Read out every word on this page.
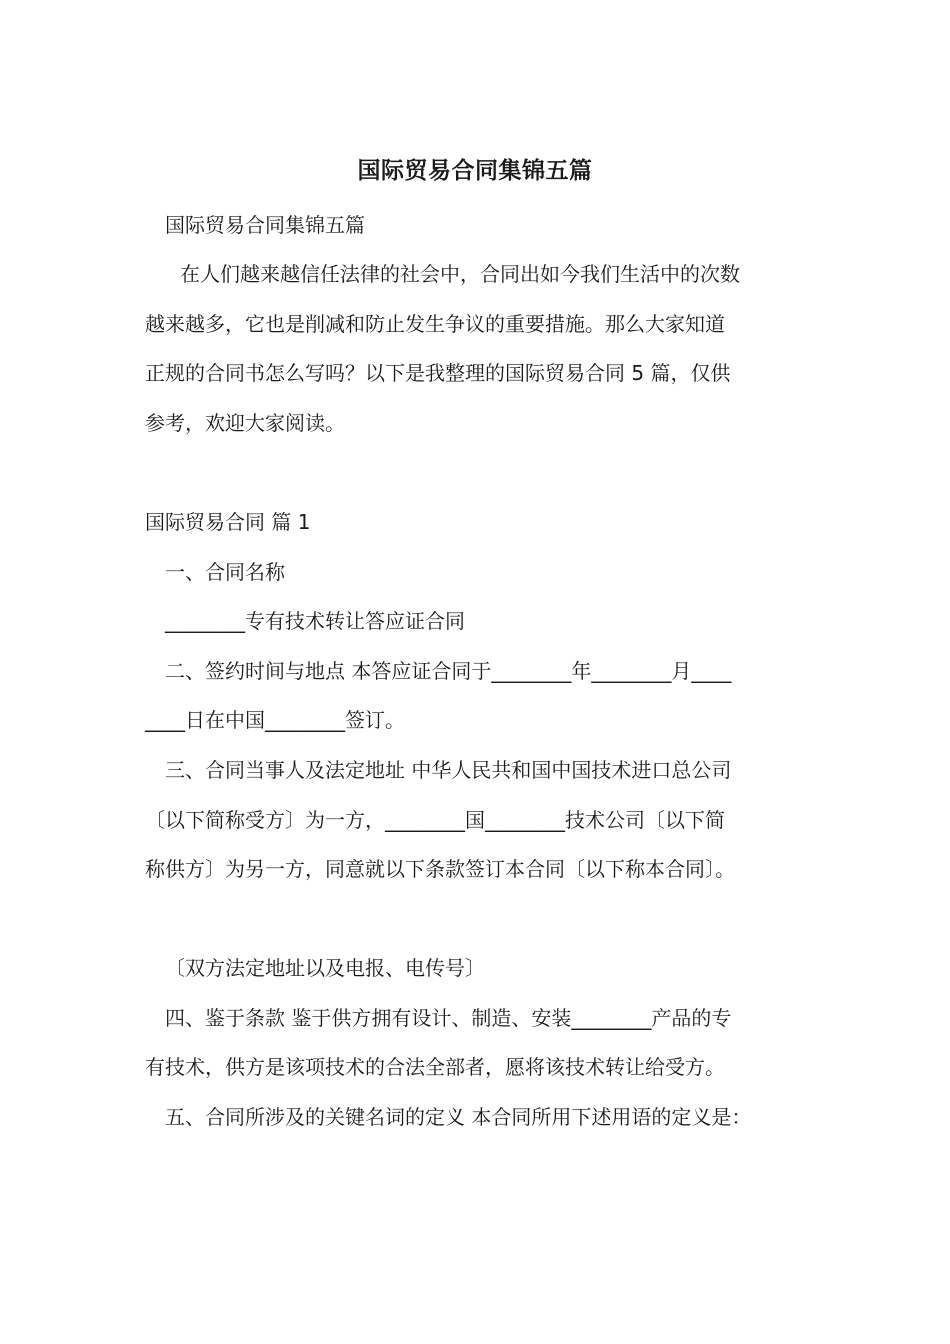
国际贸易合同集锦五篇
国际贸易合同集锦五篇
在人们越来越信任法律的社会中，合同出如今我们生活中的次数
越来越多，它也是削减和防止发生争议的重要措施。那么大家知道
正规的合同书怎么写吗？以下是我整理的国际贸易合同 5 篇，仅供
参考，欢迎大家阅读。
国际贸易合同 篇 1
一、合同名称
________专有技术转让答应证合同
二、签约时间与地点 本答应证合同于________年________月____
____日在中国________签订。
三、合同当事人及法定地址 中华人民共和国中国技术进口总公司
〔以下简称受方〕为一方，________国________技术公司〔以下简
称供方〕为另一方，同意就以下条款签订本合同〔以下称本合同〕。
〔双方法定地址以及电报、电传号〕
四、鉴于条款 鉴于供方拥有设计、制造、安装________产品的专
有技术，供方是该项技术的合法全部者，愿将该技术转让给受方。
五、合同所涉及的关键名词的定义 本合同所用下述用语的定义是：
